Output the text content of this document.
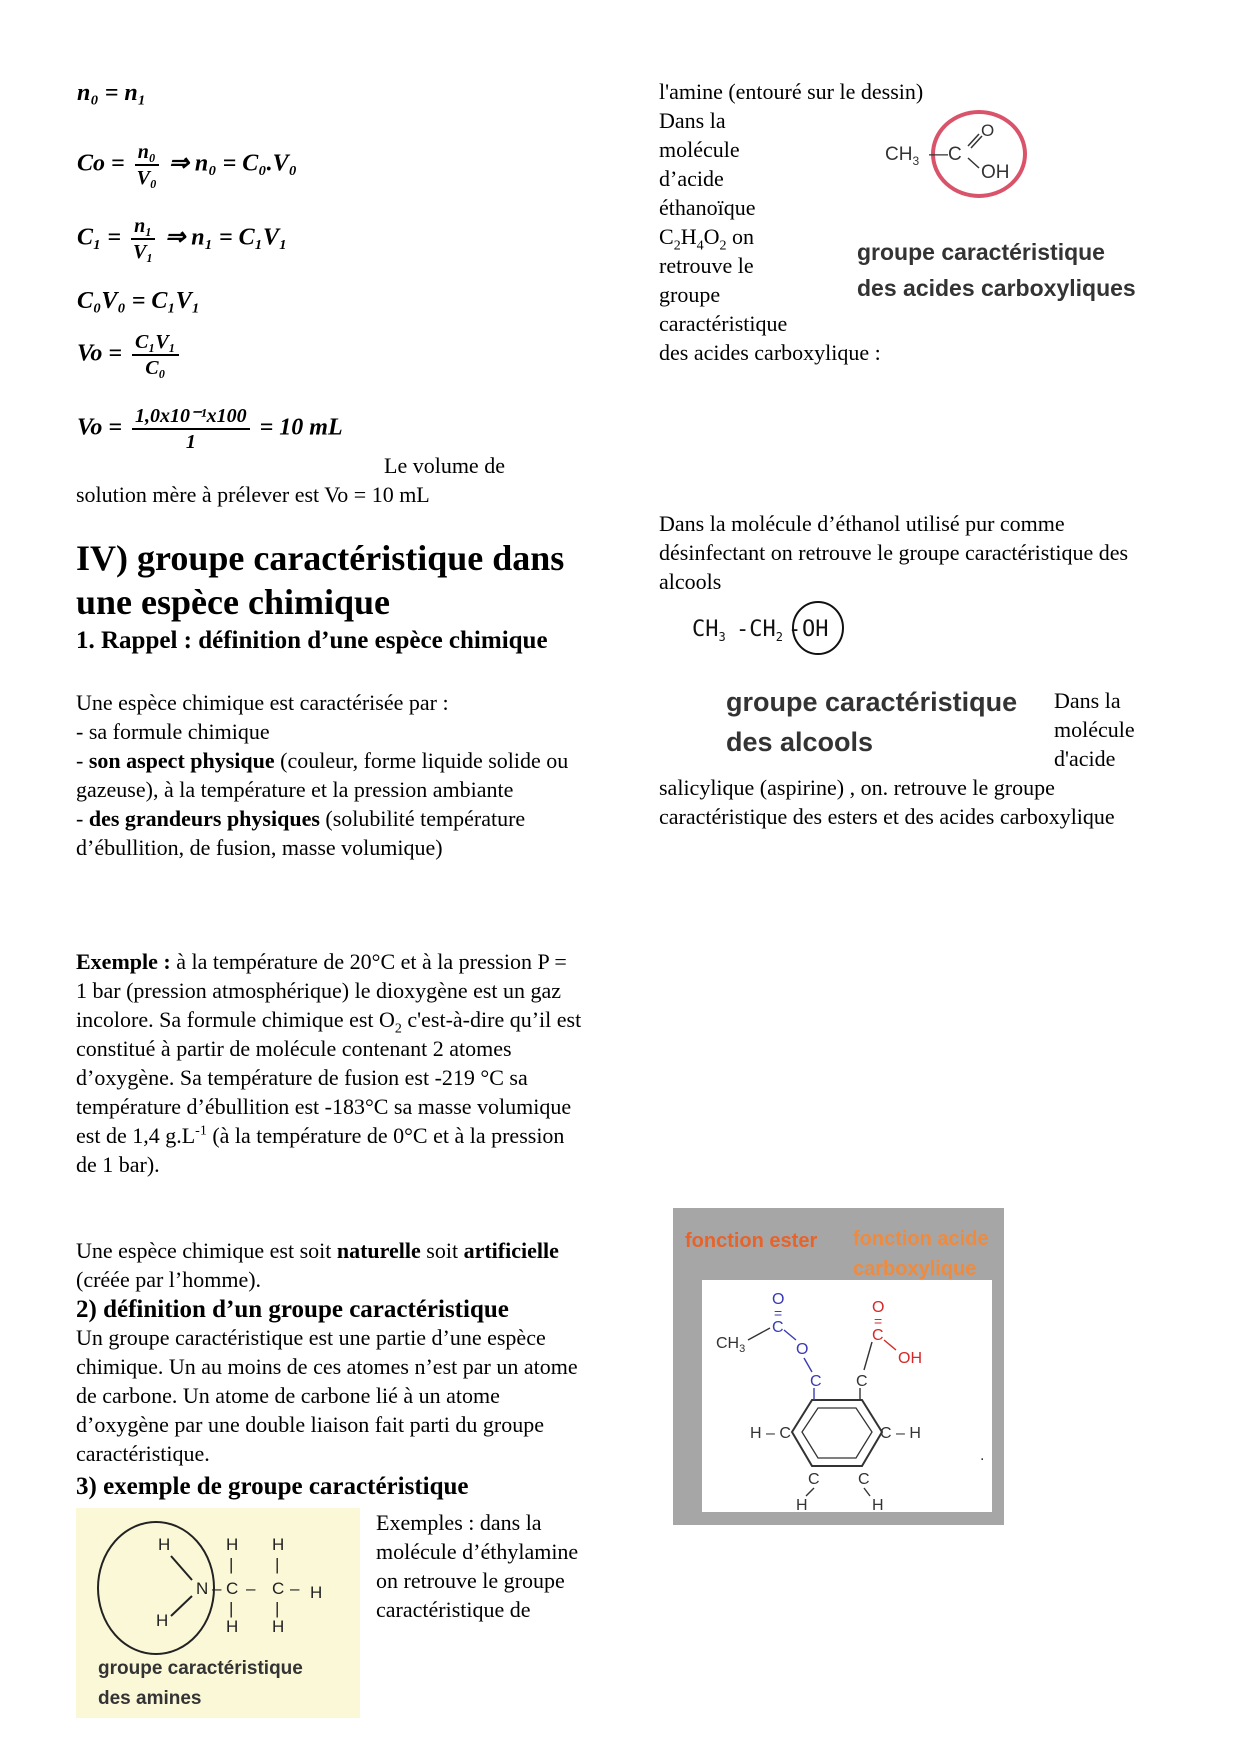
n₀ = n₁
$Co = \frac{\text{n₀}}{\text{V₀}}$ ⇒ n₀ = C₀.V₀
$C_1 = \frac{\text{n₁}}{\text{V₁}}$ ⇒ n₁ = C₁V₁
C₀V₀ = C₁V₁
$Vo = \frac{\text{C₁V₁}}{\text{C₀}}$
$Vo = \frac{\text{1,0x10⁻¹x100}}{1} = 10$ mL
Le volume de
solution mère à prélever est Vo = 10 mL
IV) groupe caractéristique dans une espèce chimique
1. Rappel : définition d’une espèce chimique
Une espèce chimique est caractérisée par :
- sa formule chimique
- son aspect physique (couleur, forme liquide solide ou gazeuse), à la température et la pression ambiante
- des grandeurs physiques (solubilité température d’ébullition, de fusion, masse volumique)
Exemple : à la température de 20°C et à la pression P = 1 bar (pression atmosphérique) le dioxygène est un gaz incolore. Sa formule chimique est $O_2$ c'est-à-dire qu’il est constitué à partir de molécule contenant 2 atomes d’oxygène. Sa température de fusion est -219 °C sa température d’ébullition est -183°C sa masse volumique est de 1,4 $g.L^{-1}$ (à la température de 0°C et à la pression de 1 bar).
Une espèce chimique est soit naturelle soit artificielle (créée par l’homme).
2) définition d’un groupe caractéristique
Un groupe caractéristique est une partie d’une espèce chimique. Un au moins de ces atomes n’est par un atome de carbone. Un atome de carbone lié à un atome d’oxygène par une double liaison fait parti du groupe caractéristique.
3) exemple de groupe caractéristique
H
N
H
– C – C – H
H
|
H
|
|
H
|
H
groupe caractéristique
des amines
Exemples : dans la molécule d’éthylamine on retrouve le groupe caractéristique de
l'amine (entouré sur le dessin)
Dans la
molécule
d’acide
éthanoïque
$C_2H_4O_2$ on
retrouve le
groupe
caractéristique
des acides carboxylique :
$CH_3$ —C
O
OH
groupe caractéristique
des acides carboxyliques
Dans la molécule d’éthanol utilisé pur comme désinfectant on retrouve le groupe caractéristique des alcools
$CH_3$ $-CH_2$ - OH
groupe caractéristique
des alcools
Dans la
molécule
d'acide
salicylique (aspirine) , on. retrouve le groupe caractéristique des esters et des acides carboxylique
fonction ester fonction acide
carboxylique
O
=
C
$CH_3$	O
C
O
=
C
OH
C
H – C	C – H
C C
H	H
.
